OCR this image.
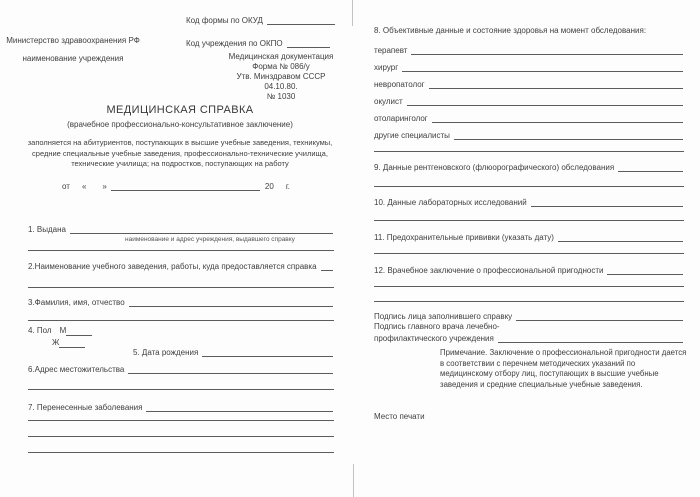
Код формы по ОКУД
Министерство здравоохранения РФ	Код учреждения по ОКПО
наименование учреждения	Медицинская документация
Форма № 086/у
Утв. Минздравом СССР 04.10.80.
№ 1030
МЕДИЦИНСКАЯ СПРАВКА
(врачебное профессионально-консультативное заключение)
заполняется на абитуриентов, поступающих в высшие учебные заведения, техникумы, средние специальные учебные заведения, профессионально-технические училища, технические училища; на подростков, поступающих на работу
от « »	20 г.
1. Выдана
наименование и адрес учреждения, выдавшего справку
2.Наименование учебного заведения, работы, куда предоставляется справка
3.Фамилия, имя, отчество
4. Пол М
Ж
5. Дата рождения
6.Адрес местожительства
7. Перенесенные заболевания
8. Объективные данные и состояние здоровья на момент обследования:
терапевт
хирург
невропатолог
окулист
отоларинголог
другие специалисты
9. Данные рентгеновского (флюорографического) обследования
10. Данные лабораторных исследований
11. Предохранительные прививки (указать дату)
12. Врачебное заключение о профессиональной пригодности
Подпись лица заполнившего справку
Подпись главного врача лечебно-
профилактического учреждения
Примечание. Заключение о профессиональной пригодности дается в соответствии с перечнем методических указаний по медицинскому отбору лиц, поступающих в высшие учебные заведения и средние специальные учебные заведения.
Место печати
